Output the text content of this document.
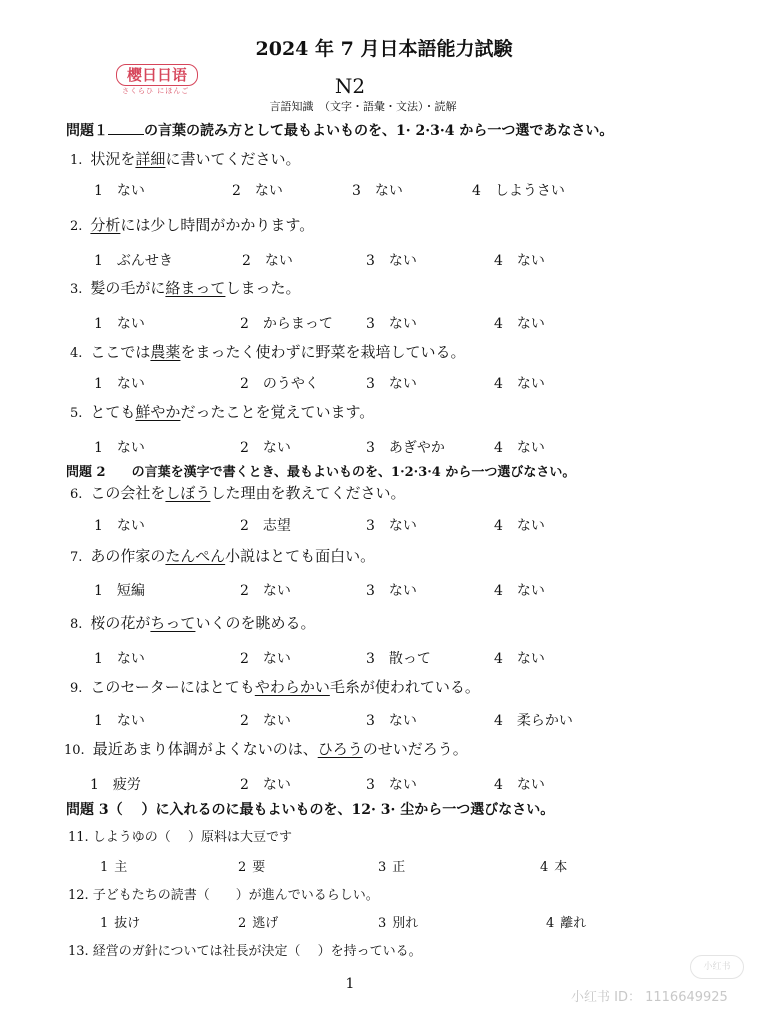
2024 年 7 月日本語能力試験
樱日日语
さくらひ にほんご	N2
言語知識　（文字・語彙・文法）・読解
問題１	の言葉の読み方として最もよいものを、1· 2·3·4 から一つ選であなさい。
1. 状況を詳細に書いてください。
1 ない	2 ない	3 ない	4 しようさい
2. 分析には少し時間がかかります。
1 ぶんせき	2 ない	3 ない	4 ない
3. 髪の毛がに絡まってしまった。
1 ない	2 からまって 3 ない	4 ない
4. ここでは農薬をまったく使わずに野菜を栽培している。
1 ない	2 のうやく	3 ない	4 ない
5. とても鮮やかだったことを覚えています。
1 ない	2 ない	3 あぎやか	4 ない
問題 2　　の言葉を漢字で書くとき、最もよいものを、1·2·3·4 から一つ選びなさい。
6. この会社をしぼうした理由を教えてください。
1 ない	2 志望	3 ない	4 ない
7. あの作家のたんぺん小説はとても面白い。
1 短編	2 ない	3 ない	4 ない
8. 桜の花がちっていくのを眺める。
1 ない	2 ない	3 散って	4 ない
9. このセーターにはとてもやわらかい毛糸が使われている。
1 ない	2 ない	3 ない	4 柔らかい
10. 最近あまり体調がよくないのは、ひろうのせいだろう。
1 疲労	2 ない	3 ない	4 ない
問題 3（　 ）に入れるのに最もよいものを、12· 3· 尘から一つ選びなさい。
11. しようゆの（　 ）原料は大豆です
1 主	2 要	3 正	4 本
12. 子どもたちの読書（　　）が進んでいるらしい。
1 抜け	2 逃げ	3 別れ	4 離れ
13. 経営のガ針については社長が決定（　 ）を持っている。
1
小红书
小红书 ID： 1116649925
